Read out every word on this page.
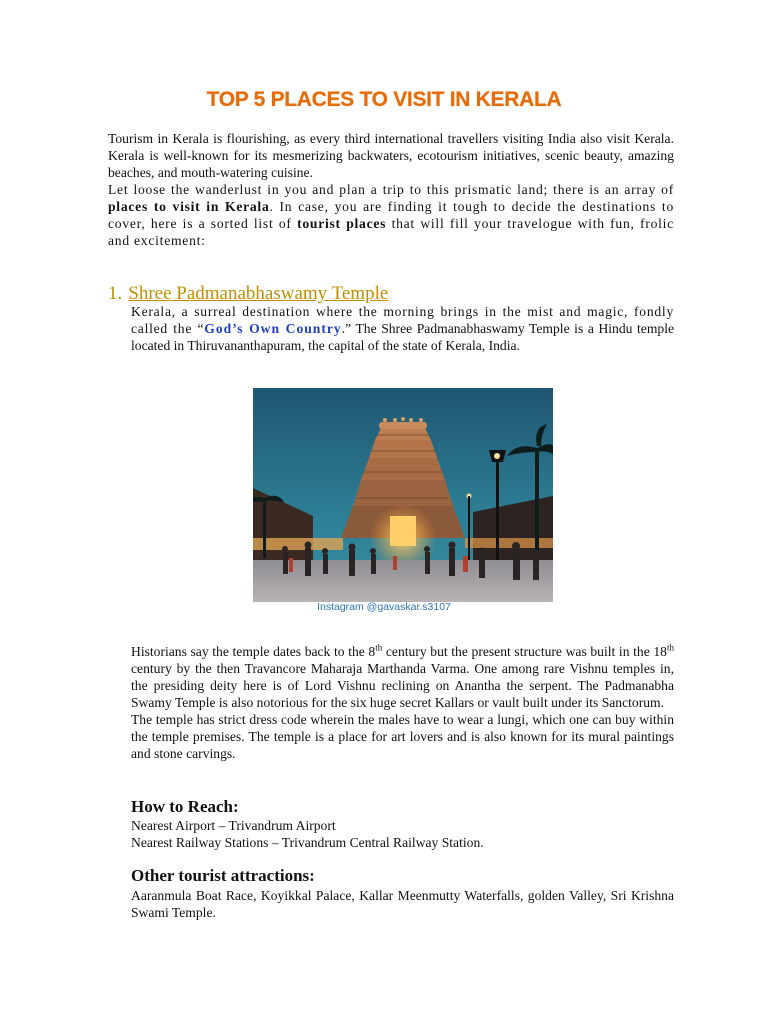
TOP 5 PLACES TO VISIT IN KERALA

Tourism in Kerala is flourishing, as every third international travellers visiting India also visit Kerala. Kerala is well-known for its mesmerizing backwaters, ecotourism initiatives, scenic beauty, amazing beaches, and mouth-watering cuisine.

Let loose the wanderlust in you and plan a trip to this prismatic land; there is an array of places to visit in Kerala. In case, you are finding it tough to decide the destinations to cover, here is a sorted list of tourist places that will fill your travelogue with fun, frolic and excitement:

1. Shree Padmanabhaswamy Temple

Kerala, a surreal destination where the morning brings in the mist and magic, fondly called the “God’s Own Country.” The Shree Padmanabhaswamy Temple is a Hindu temple located in Thiruvananthapuram, the capital of the state of Kerala, India.

Instagram @gavaskar.s3107

Historians say the temple dates back to the 8th century but the present structure was built in the 18th century by the then Travancore Maharaja Marthanda Varma. One among rare Vishnu temples in, the presiding deity here is of Lord Vishnu reclining on Anantha the serpent. The Padmanabha Swamy Temple is also notorious for the six huge secret Kallars or vault built under its Sanctorum.

The temple has strict dress code wherein the males have to wear a lungi, which one can buy within the temple premises. The temple is a place for art lovers and is also known for its mural paintings and stone carvings.

How to Reach:
Nearest Airport – Trivandrum Airport
Nearest Railway Stations – Trivandrum Central Railway Station.
Other tourist attractions:
Aaranmula Boat Race, Koyikkal Palace, Kallar Meenmutty Waterfalls, golden Valley, Sri Krishna Swami Temple.
